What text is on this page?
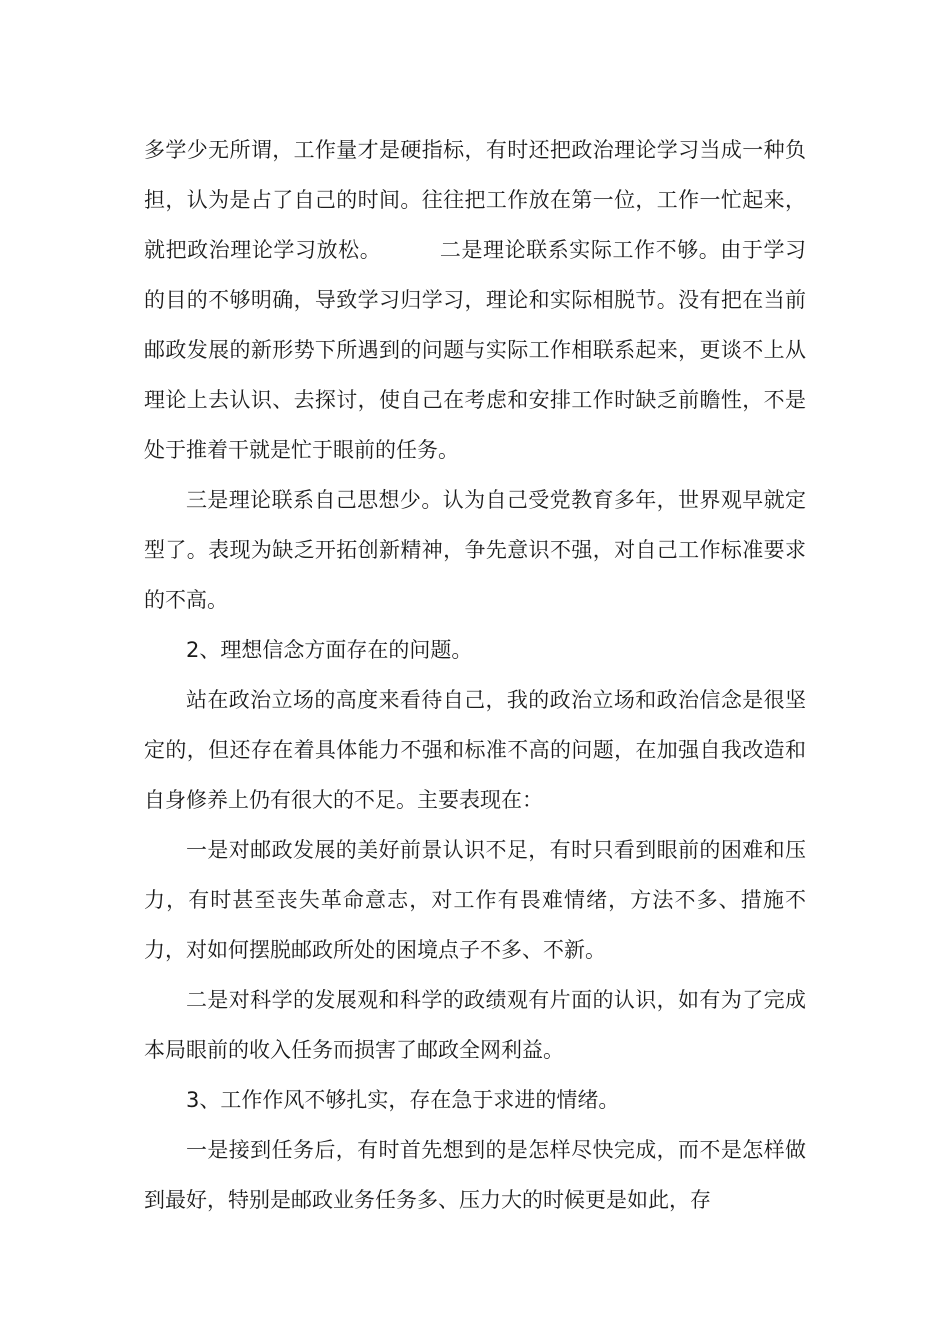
多学少无所谓，工作量才是硬指标，有时还把政治理论学习当成一种负担，认为是占了自己的时间。往往把工作放在第一位，工作一忙起来，就把政治理论学习放松。	二是理论联系实际工作不够。由于学习的目的不够明确，导致学习归学习，理论和实际相脱节。没有把在当前邮政发展的新形势下所遇到的问题与实际工作相联系起来，更谈不上从理论上去认识、去探讨，使自己在考虑和安排工作时缺乏前瞻性，不是处于推着干就是忙于眼前的任务。

三是理论联系自己思想少。认为自己受党教育多年，世界观早就定型了。表现为缺乏开拓创新精神，争先意识不强，对自己工作标准要求的不高。

2、理想信念方面存在的问题。

站在政治立场的高度来看待自己，我的政治立场和政治信念是很坚定的，但还存在着具体能力不强和标准不高的问题，在加强自我改造和自身修养上仍有很大的不足。主要表现在：

一是对邮政发展的美好前景认识不足，有时只看到眼前的困难和压力，有时甚至丧失革命意志，对工作有畏难情绪，方法不多、措施不力，对如何摆脱邮政所处的困境点子不多、不新。

二是对科学的发展观和科学的政绩观有片面的认识，如有为了完成本局眼前的收入任务而损害了邮政全网利益。

3、工作作风不够扎实，存在急于求进的情绪。

一是接到任务后，有时首先想到的是怎样尽快完成，而不是怎样做到最好，特别是邮政业务任务多、压力大的时候更是如此，存
